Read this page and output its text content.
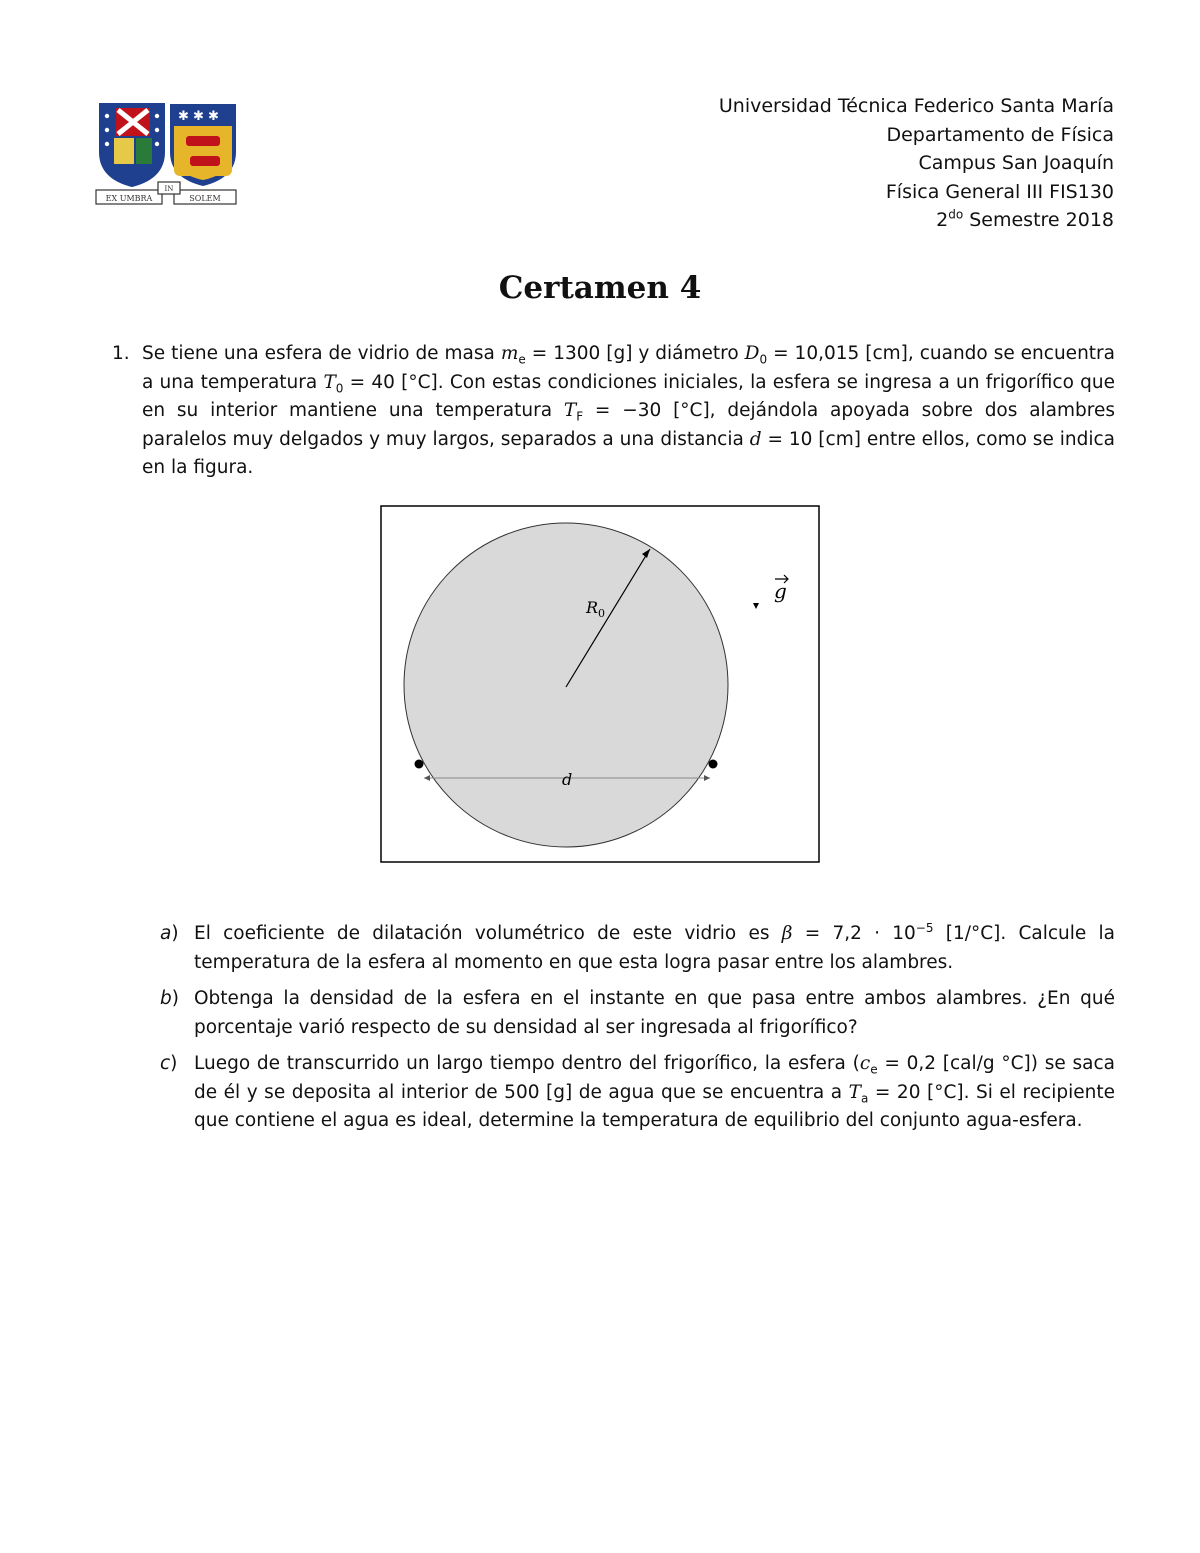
✱ ✱ ✱
EX UMBRA
IN
SOLEM
Universidad Técnica Federico Santa María
Departamento de Física
Campus San Joaquín
Física General III FIS130
$2^{do}$ Semestre 2018
Certamen 4
1. Se tiene una esfera de vidrio de masa $m_e = 1300$ [g] y diámetro $D_0 = 10,015$ [cm], cuando se encuentra a una temperatura $T_0 = 40$ [°C]. Con estas condiciones iniciales, la esfera se ingresa a un frigorífico que en su interior mantiene una temperatura $T_F = -30$ [°C], dejándola apoyada sobre dos alambres paralelos muy delgados y muy largos, separados a una distancia d = 10 [cm] entre ellos, como se indica en la figura.
$R_0$
d
g
a) El coeficiente de dilatación volumétrico de este vidrio es $\beta = 7,2 \cdot 10^{-5}$ [1/°C]. Calcule la temperatura de la esfera al momento en que esta logra pasar entre los alambres.
b) Obtenga la densidad de la esfera en el instante en que pasa entre ambos alambres. ¿En qué porcentaje varió respecto de su densidad al ser ingresada al frigorífico?
c) Luego de transcurrido un largo tiempo dentro del frigorífico, la esfera ($c_e = 0,2$ [cal/g °C]) se saca de él y se deposita al interior de 500 [g] de agua que se encuentra a $T_a = 20$ [°C]. Si el recipiente que contiene el agua es ideal, determine la temperatura de equilibrio del conjunto agua-esfera.
